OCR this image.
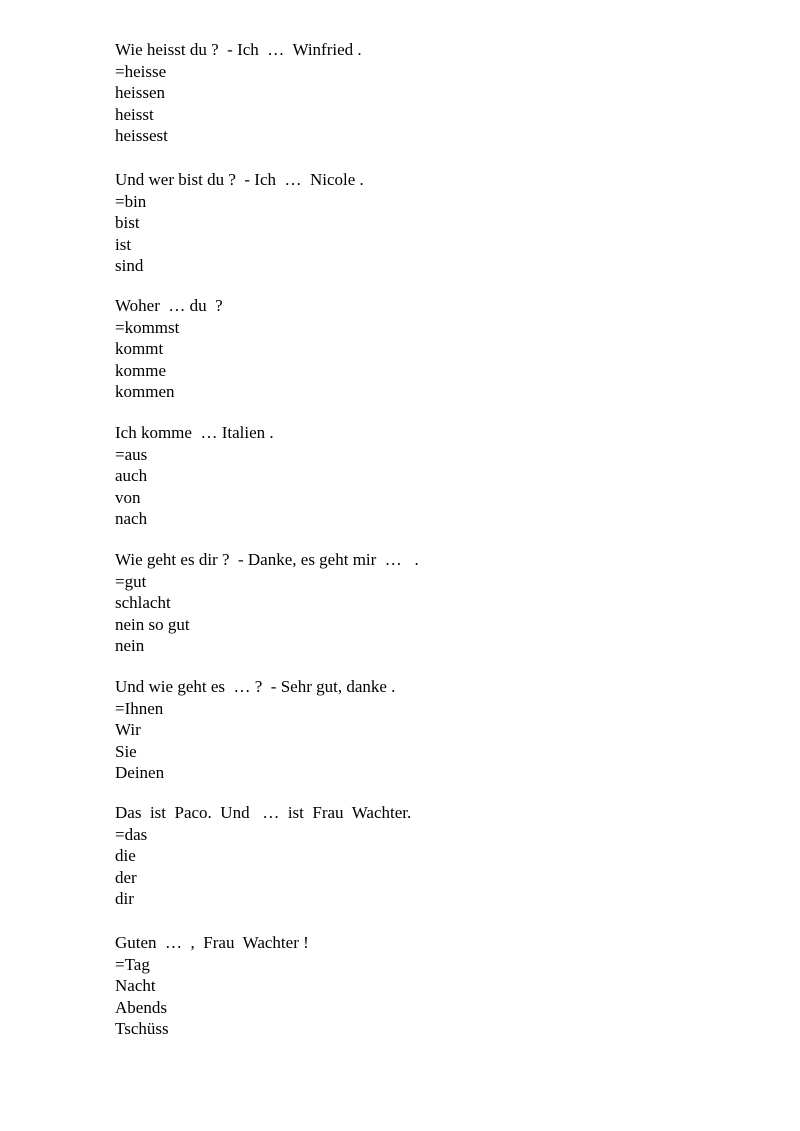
Wie heisst du ?  - Ich  …  Winfried .
=heisse
heissen
heisst
heissest
Und wer bist du ?  - Ich  …  Nicole .
=bin
bist
ist
sind
Woher  … du  ?
=kommst
kommt
komme
kommen
Ich komme  … Italien .
=aus
auch
von
nach
Wie geht es dir ?  - Danke, es geht mir  …   .
=gut
schlacht
nein so gut
nein
Und wie geht es  … ?  - Sehr gut, danke .
=Ihnen
Wir
Sie
Deinen
Das  ist  Paco.  Und   …  ist  Frau  Wachter.
=das
die
der
dir
Guten  …  ,  Frau  Wachter !
=Tag
Nacht
Abends
Tschüss
